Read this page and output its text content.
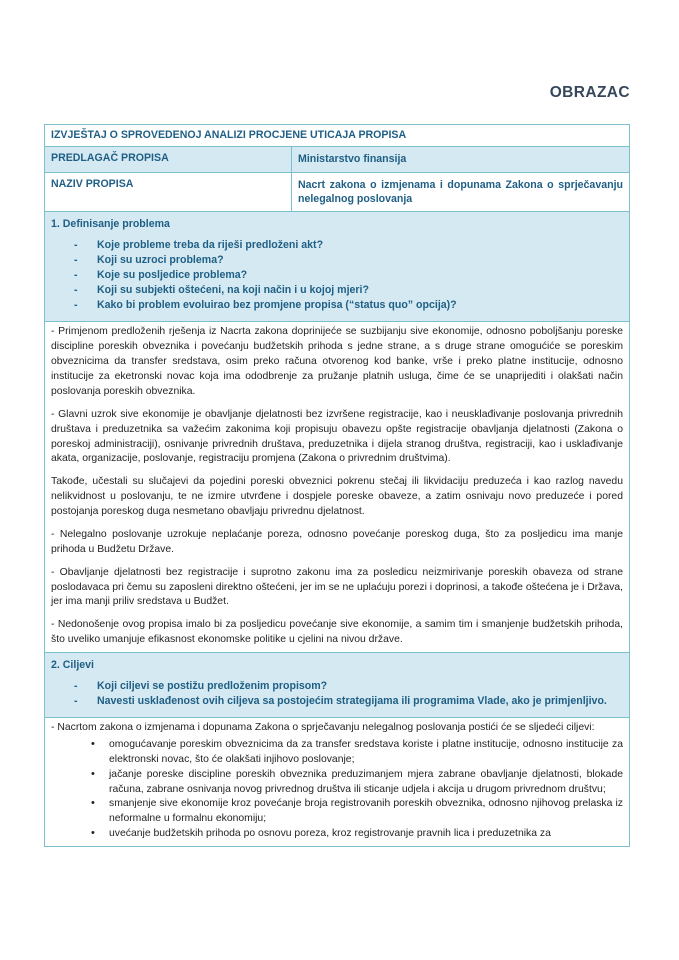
OBRAZAC
IZVJEŠTAJ O SPROVEDENOJ ANALIZI PROCJENE UTICAJA PROPISA	
PREDLAGAČ PROPISA	Ministarstvo finansija
NAZIV PROPISA	Nacrt zakona o izmjenama i dopunama Zakona o sprječavanju nelegalnog poslovanja

1. Definisanje problema

- Koje probleme treba da riješi predloženi akt?
- Koji su uzroci problema?
- Koje su posljedice problema?
- Koji su subjekti oštećeni, na koji način i u kojoj mjeri?
- Kako bi problem evoluirao bez promjene propisa (“status quo” opcija)?

- Primjenom predloženih rješenja iz Nacrta zakona doprinijeće se suzbijanju sive ekonomije, odnosno poboljšanju poreske discipline poreskih obveznika i povećanju budžetskih prihoda s jedne strane, a s druge strane omogućiće se poreskim obveznicima da transfer sredstava, osim preko računa otvorenog kod banke, vrše i preko platne institucije, odnosno institucije za eketronski novac koja ima ododbrenje za pružanje platnih usluga, čime će se unaprijediti i olakšati način poslovanja poreskih obveznika.

- Glavni uzrok sive ekonomije je obavljanje djelatnosti bez izvršene registracije, kao i neusklađivanje poslovanja privrednih društava i preduzetnika sa važećim zakonima koji propisuju obavezu opšte registracije obavljanja djelatnosti (Zakona o poreskoj administraciji), osnivanje privrednih društava, preduzetnika i dijela stranog društva, registraciji, kao i usklađivanje akata, organizacije, poslovanje, registraciju promjena (Zakona o privrednim društvima).

Takođe, učestali su slučajevi da pojedini poreski obveznici pokrenu stečaj ili likvidaciju preduzeća i kao razlog navedu nelikvidnost u poslovanju, te ne izmire utvrđene i dospjele poreske obaveze, a zatim osnivaju novo preduzeće i pored postojanja poreskog duga nesmetano obavljaju privrednu djelatnost.

- Nelegalno poslovanje uzrokuje neplaćanje poreza, odnosno povećanje poreskog duga, što za posljedicu ima manje prihoda u Budžetu Države.

- Obavljanje djelatnosti bez registracije i suprotno zakonu ima za posledicu neizmirivanje poreskih obaveza od strane poslodavaca pri čemu su zaposleni direktno oštećeni, jer im se ne uplaćuju porezi i doprinosi, a takođe oštećena je i Država, jer ima manji priliv sredstava u Budžet.

- Nedonošenje ovog propisa imalo bi za posljedicu povećanje sive ekonomije, a samim tim i smanjenje budžetskih prihoda, što uveliko umanjuje efikasnost ekonomske politike u cjelini na nivou države.

2. Ciljevi

- Koji ciljevi se postižu predloženim propisom?
- Navesti usklađenost ovih ciljeva sa postojećim strategijama ili programima Vlade, ako je primjenljivo.

- Nacrtom zakona o izmjenama i dopunama Zakona o sprječavanju nelegalnog poslovanja postići će se sljedeći ciljevi:

• omogućavanje poreskim obveznicima da za transfer sredstava koriste i platne institucije, odnosno institucije za elektronski novac, što će olakšati injihovo poslovanje;
• jačanje poreske discipline poreskih obveznika preduzimanjem mjera zabrane obavljanje djelatnosti, blokade računa, zabrane osnivanja novog privrednog društva ili sticanje udjela i akcija u drugom privrednom društvu;
• smanjenje sive ekonomije kroz povećanje broja registrovanih poreskih obveznika, odnosno njihovog prelaska iz neformalne u formalnu ekonomiju;
• uvećanje budžetskih prihoda po osnovu poreza, kroz registrovanje pravnih lica i preduzetnika za
